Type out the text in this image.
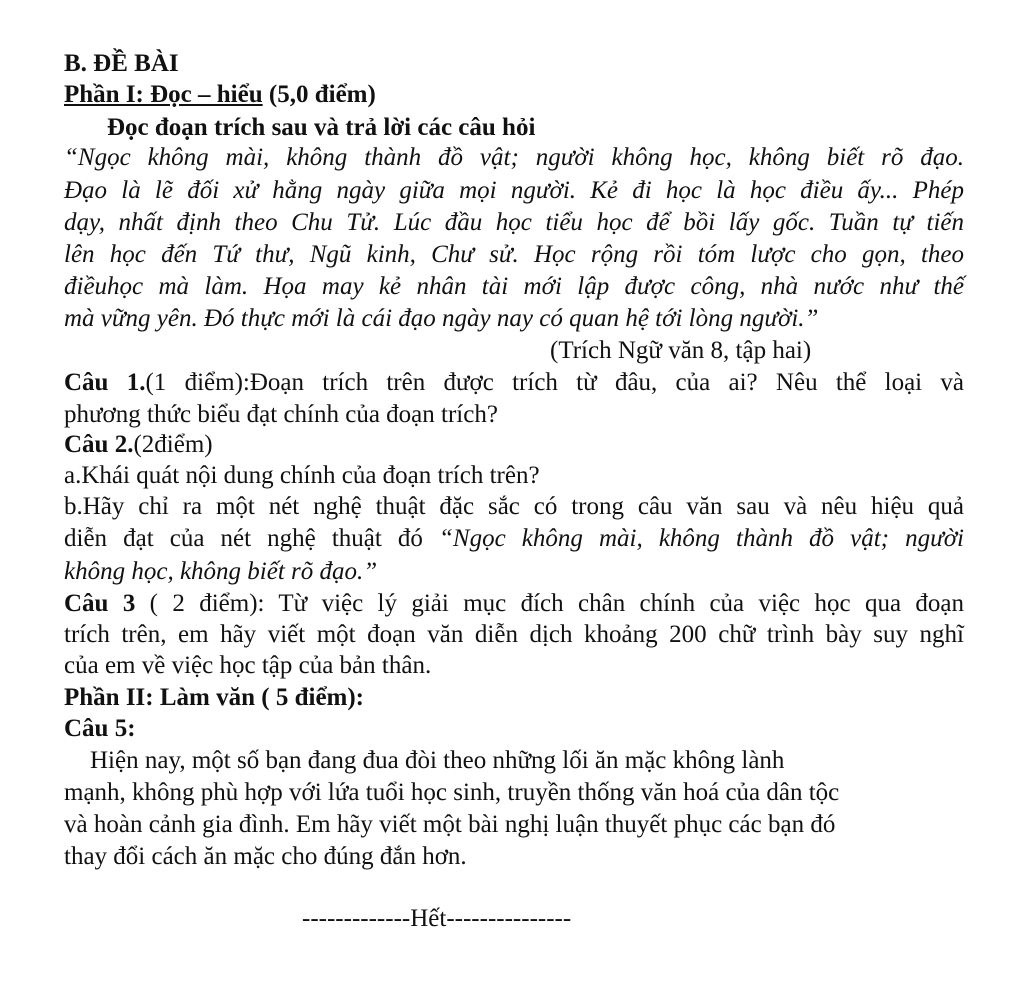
B. ĐỀ BÀI
Phần I: Đọc – hiểu (5,0 điểm)
Đọc đoạn trích sau và trả lời các câu hỏi
“Ngọc không mài, không thành đồ vật; người không học, không biết rõ đạo.
Đạo là lẽ đối xử hằng ngày giữa mọi người. Kẻ đi học là học điều ấy... Phép
dạy, nhất định theo Chu Tử. Lúc đầu học tiểu học để bồi lấy gốc. Tuần tự tiến
lên học đến Tứ thư, Ngũ kinh, Chư sử. Học rộng rồi tóm lược cho gọn, theo
điềuhọc mà làm. Họa may kẻ nhân tài mới lập được công, nhà nước như thế
mà vững yên. Đó thực mới là cái đạo ngày nay có quan hệ tới lòng người.”
(Trích Ngữ văn 8, tập hai)
Câu 1.(1 điểm):Đoạn trích trên được trích từ đâu, của ai? Nêu thể loại và
phương thức biểu đạt chính của đoạn trích?
Câu 2.(2điểm)
a.Khái quát nội dung chính của đoạn trích trên?
b.Hãy chỉ ra một nét nghệ thuật đặc sắc có trong câu văn sau và nêu hiệu quả
diễn đạt của nét nghệ thuật đó “Ngọc không mài, không thành đồ vật; người
không học, không biết rõ đạo.”
Câu 3 ( 2 điểm): Từ việc lý giải mục đích chân chính của việc học qua đoạn
trích trên, em hãy viết một đoạn văn diễn dịch khoảng 200 chữ trình bày suy nghĩ
của em về việc học tập của bản thân.
Phần II: Làm văn ( 5 điểm):
Câu 5:
Hiện nay, một số bạn đang đua đòi theo những lối ăn mặc không lành
mạnh, không phù hợp với lứa tuổi học sinh, truyền thống văn hoá của dân tộc
và hoàn cảnh gia đình. Em hãy viết một bài nghị luận thuyết phục các bạn đó
thay đổi cách ăn mặc cho đúng đắn hơn.
-------------Hết---------------
